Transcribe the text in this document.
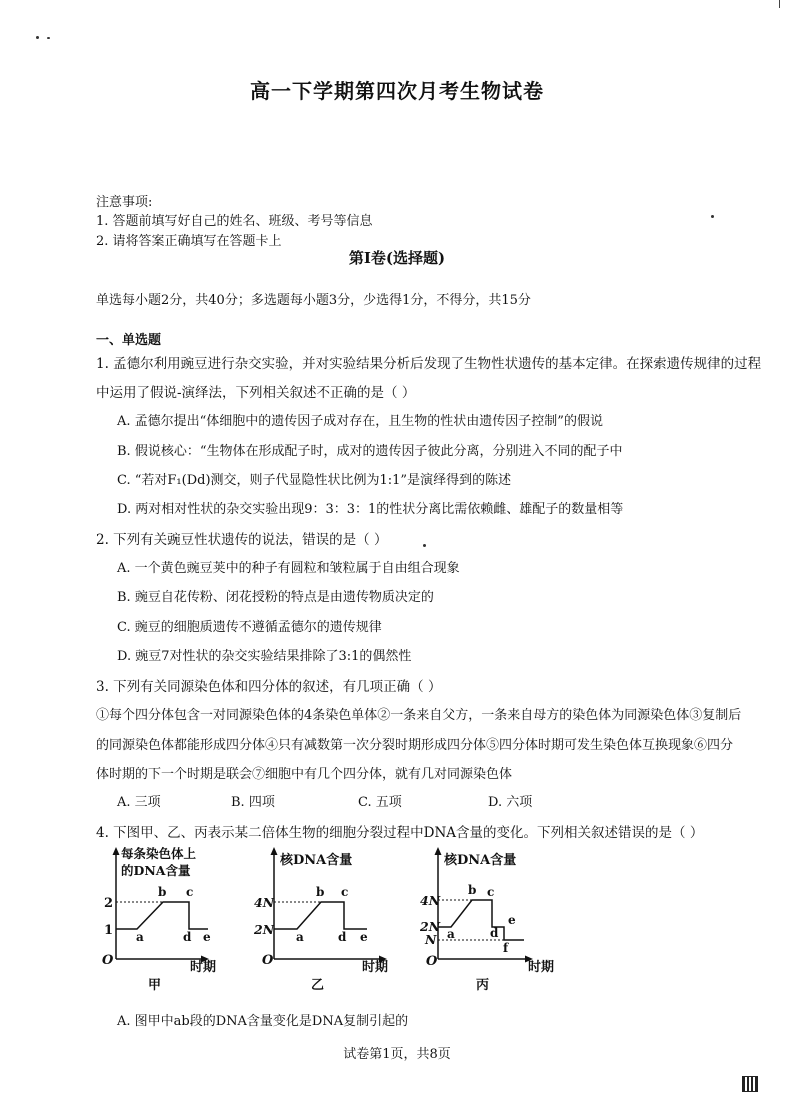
高一下学期第四次月考生物试卷
注意事项:
1. 答题前填写好自己的姓名、班级、考号等信息
2. 请将答案正确填写在答题卡上
第I卷(选择题)
单选每小题2分，共40分；多选题每小题3分，少选得1分，不得分，共15分
一、单选题
1. 孟德尔利用豌豆进行杂交实验，并对实验结果分析后发现了生物性状遗传的基本定律。在探索遗传规律的过程
中运用了假说-演绎法，下列相关叙述不正确的是（ ）
A. 孟德尔提出“体细胞中的遗传因子成对存在，且生物的性状由遗传因子控制”的假说
B. 假说核心：“生物体在形成配子时，成对的遗传因子彼此分离，分别进入不同的配子中
C. “若对F₁(Dd)测交，则子代显隐性状比例为1:1”是演绎得到的陈述
D. 两对相对性状的杂交实验出现9：3：3：1的性状分离比需依赖雌、雄配子的数量相等
2. 下列有关豌豆性状遗传的说法，错误的是（ ）
A. 一个黄色豌豆荚中的种子有圆粒和皱粒属于自由组合现象
B. 豌豆自花传粉、闭花授粉的特点是由遗传物质决定的
C. 豌豆的细胞质遗传不遵循孟德尔的遗传规律
D. 豌豆7对性状的杂交实验结果排除了3:1的偶然性
3. 下列有关同源染色体和四分体的叙述，有几项正确（ ）
①每个四分体包含一对同源染色体的4条染色单体②一条来自父方，一条来自母方的染色体为同源染色体③复制后
的同源染色体都能形成四分体④只有减数第一次分裂时期形成四分体⑤四分体时期可发生染色体互换现象⑥四分
体时期的下一个时期是联会⑦细胞中有几个四分体，就有几对同源染色体
A. 三项	B. 四项	C. 五项	D. 六项
4. 下图甲、乙、丙表示某二倍体生物的细胞分裂过程中DNA含量的变化。下列相关叙述错误的是（ ）
每条染色体上
的DNA含量
2
1
O	时期
a
b c
d e
甲
核DNA含量
4N
2N
O	时期
a
b c
d e
乙
核DNA含量
4N
2N
N
O	时期
a
b c
d
e
f
丙
A. 图甲中ab段的DNA含量变化是DNA复制引起的
试卷第1页，共8页
